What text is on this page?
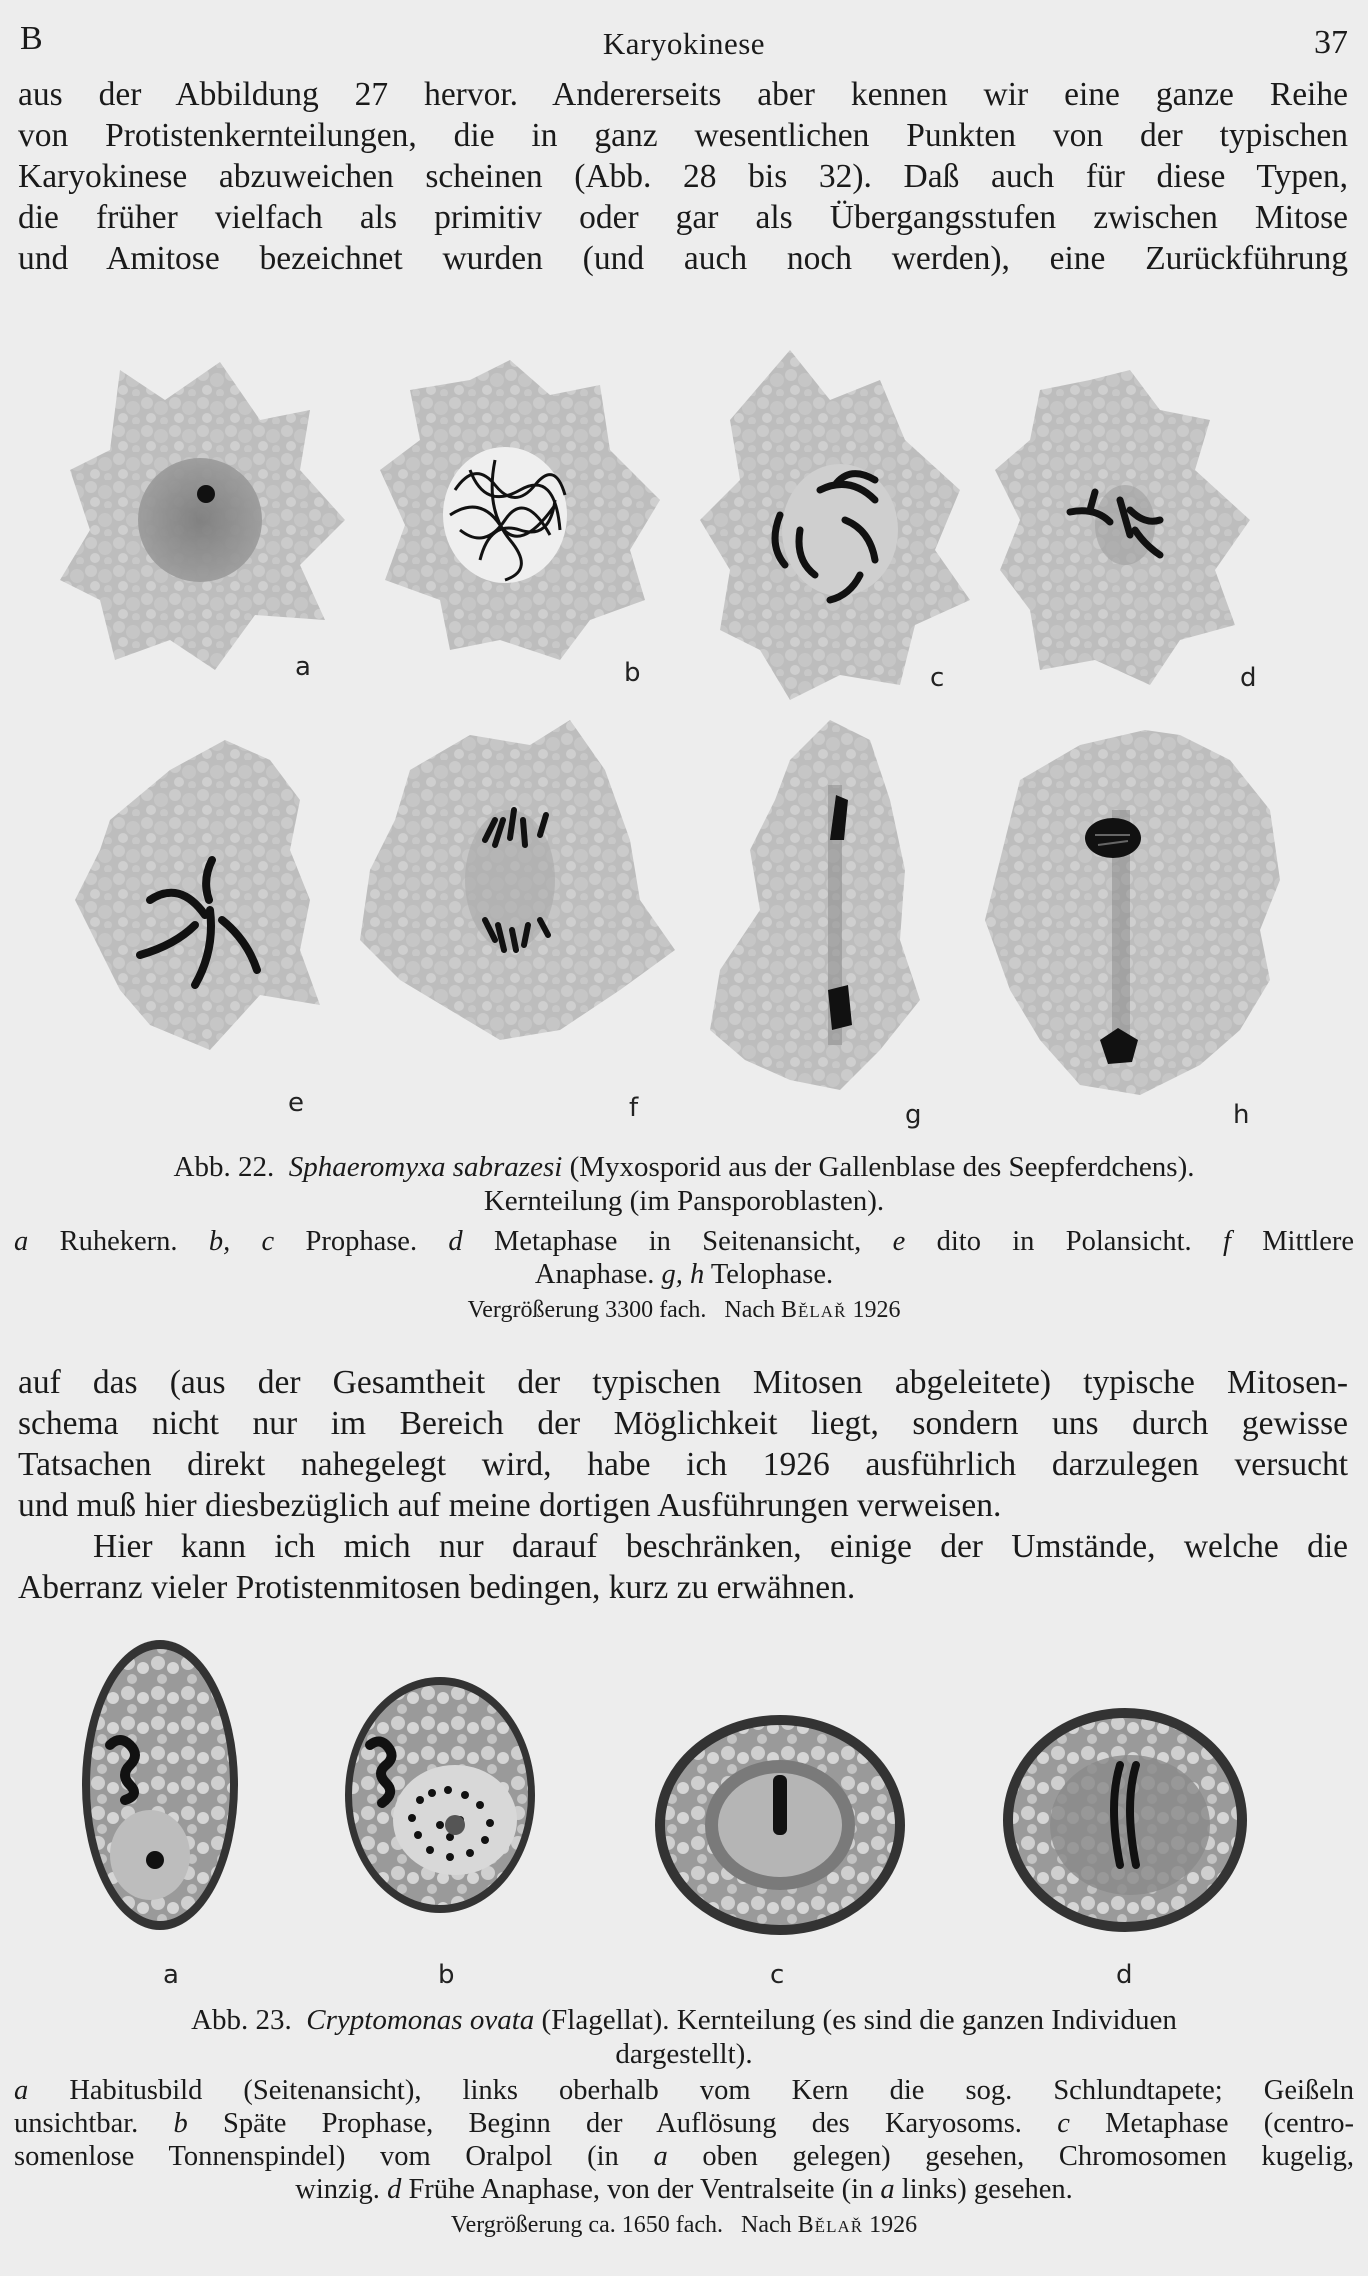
B	Karyokinese	37
aus der Abbildung 27 hervor. Andererseits aber kennen wir eine ganze Reihe
von Protistenkernteilungen, die in ganz wesentlichen Punkten von der typischen
Karyokinese abzuweichen scheinen (Abb. 28 bis 32). Daß auch für diese Typen,
die früher vielfach als primitiv oder gar als Übergangsstufen zwischen Mitose
und Amitose bezeichnet wurden (und auch noch werden), eine Zurückführung
a	b	c	d
e	f	g	h
Abb. 22. Sphaeromyxa sabrazesi (Myxosporid aus der Gallenblase des Seepferdchens).
Kernteilung (im Pansporoblasten).
a Ruhekern. b, c Prophase. d Metaphase in Seitenansicht, e dito in Polansicht. f Mittlere
Anaphase. g, h Telophase.
Vergrößerung 3300 fach. Nach Bělař 1926
auf das (aus der Gesamtheit der typischen Mitosen abgeleitete) typische Mitosen-
schema nicht nur im Bereich der Möglichkeit liegt, sondern uns durch gewisse
Tatsachen direkt nahegelegt wird, habe ich 1926 ausführlich darzulegen versucht
und muß hier diesbezüglich auf meine dortigen Ausführungen verweisen.
Hier kann ich mich nur darauf beschränken, einige der Umstände, welche die
Aberranz vieler Protistenmitosen bedingen, kurz zu erwähnen.
a	b	c	d
Abb. 23. Cryptomonas ovata (Flagellat). Kernteilung (es sind die ganzen Individuen
dargestellt).
a Habitusbild (Seitenansicht), links oberhalb vom Kern die sog. Schlundtapete; Geißeln
unsichtbar. b Späte Prophase, Beginn der Auflösung des Karyosoms. c Metaphase (centro-
somenlose Tonnenspindel) vom Oralpol (in a oben gelegen) gesehen, Chromosomen kugelig,
winzig. d Frühe Anaphase, von der Ventralseite (in a links) gesehen.
Vergrößerung ca. 1650 fach. Nach Bělař 1926
